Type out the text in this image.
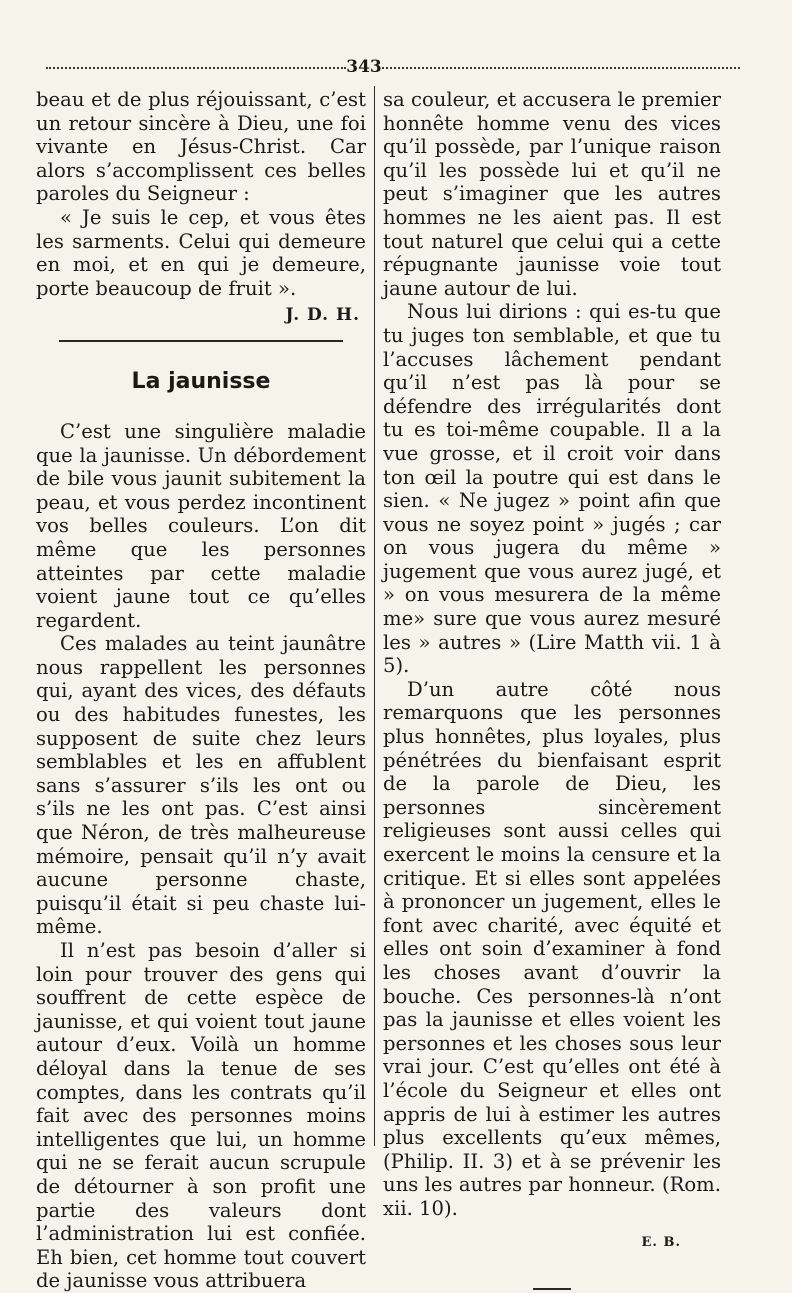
343

beau et de plus réjouissant, c’est un retour sincère à Dieu, une foi vivante en Jésus-Christ. Car alors s’accomplissent ces belles paroles du Seigneur :

« Je suis le cep, et vous êtes les sarments. Celui qui demeure en moi, et en qui je demeure, porte beaucoup de fruit ».

J. D. H.

La jaunisse

C’est une singulière maladie que la jaunisse. Un débordement de bile vous jaunit subitement la peau, et vous perdez incontinent vos belles couleurs. L’on dit même que les personnes atteintes par cette maladie voient jaune tout ce qu’elles regardent.

Ces malades au teint jaunâtre nous rappellent les personnes qui, ayant des vices, des défauts ou des habitudes funestes, les supposent de suite chez leurs semblables et les en affublent sans s’assurer s’ils les ont ou s’ils ne les ont pas. C’est ainsi que Néron, de très malheureuse mémoire, pensait qu’il n’y avait aucune personne chaste, puisqu’il était si peu chaste lui-même.

Il n’est pas besoin d’aller si loin pour trouver des gens qui souffrent de cette espèce de jaunisse, et qui voient tout jaune autour d’eux. Voilà un homme déloyal dans la tenue de ses comptes, dans les contrats qu’il fait avec des personnes moins intelligentes que lui, un homme qui ne se ferait aucun scrupule de détourner à son profit une partie des valeurs dont l’administration lui est confiée. Eh bien, cet homme tout couvert de jaunisse vous attribuera

sa couleur, et accusera le premier honnête homme venu des vices qu’il possède, par l’unique raison qu’il les possède lui et qu’il ne peut s’imaginer que les autres hommes ne les aient pas. Il est tout naturel que celui qui a cette répugnante jaunisse voie tout jaune autour de lui.

Nous lui dirions : qui es-tu que tu juges ton semblable, et que tu l’accuses lâchement pendant qu’il n’est pas là pour se défendre des irrégularités dont tu es toi-même coupable. Il a la vue grosse, et il croit voir dans ton œil la poutre qui est dans le sien. « Ne jugez » point afin que vous ne soyez point » jugés ; car on vous jugera du même » jugement que vous aurez jugé, et » on vous mesurera de la même me» sure que vous aurez mesuré les » autres » (Lire Matth vii. 1 à 5).

D’un autre côté nous remarquons que les personnes plus honnêtes, plus loyales, plus pénétrées du bienfaisant esprit de la parole de Dieu, les personnes sincèrement religieuses sont aussi celles qui exercent le moins la censure et la critique. Et si elles sont appelées à prononcer un jugement, elles le font avec charité, avec équité et elles ont soin d’examiner à fond les choses avant d’ouvrir la bouche. Ces personnes-là n’ont pas la jaunisse et elles voient les personnes et les choses sous leur vrai jour. C’est qu’elles ont été à l’école du Seigneur et elles ont appris de lui à estimer les autres plus excellents qu’eux mêmes, (Philip. II. 3) et à se prévenir les uns les autres par honneur. (Rom. xii. 10).

E. B.
